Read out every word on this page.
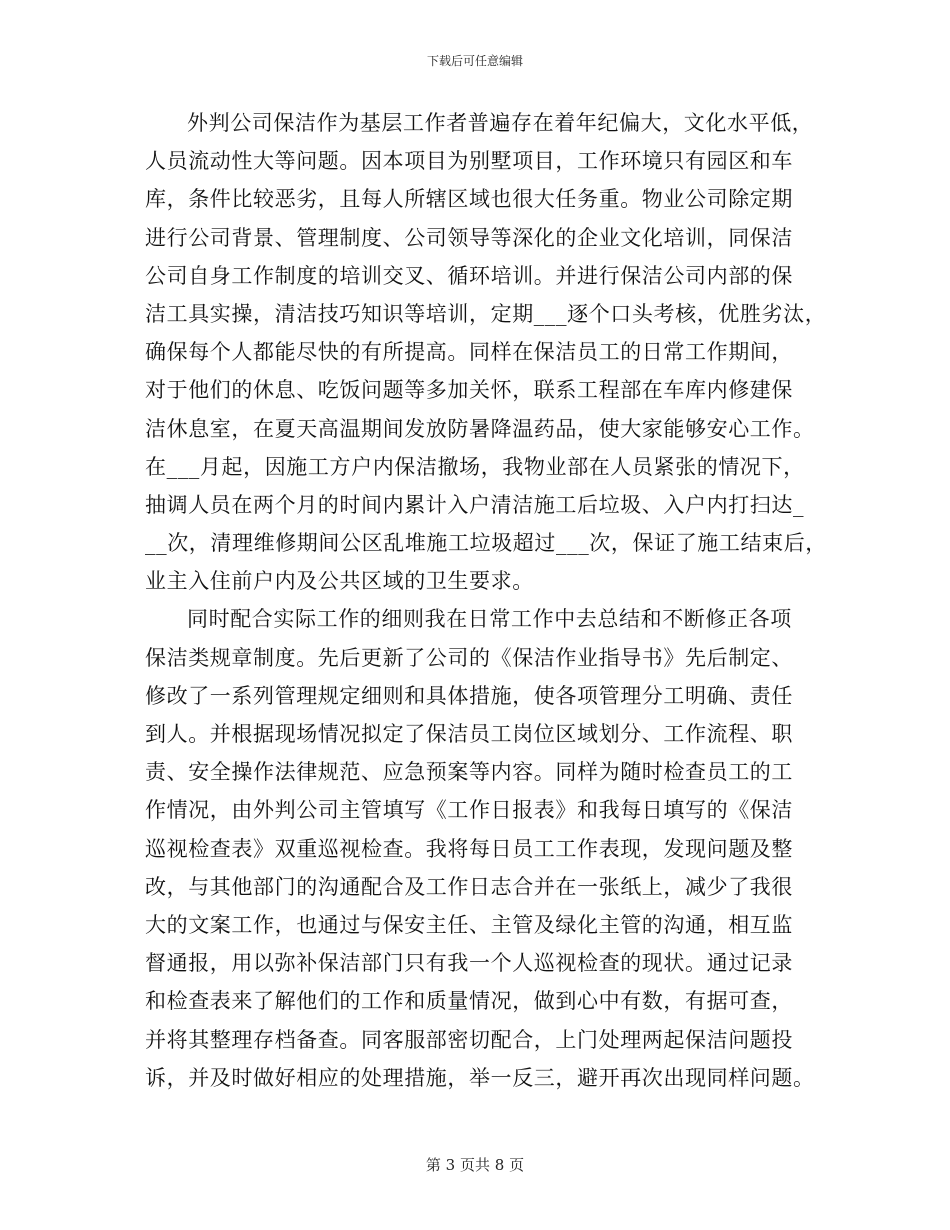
下载后可任意编辑
外判公司保洁作为基层工作者普遍存在着年纪偏大，文化水平低，
人员流动性大等问题。因本项目为别墅项目，工作环境只有园区和车
库，条件比较恶劣，且每人所辖区域也很大任务重。物业公司除定期
进行公司背景、管理制度、公司领导等深化的企业文化培训，同保洁
公司自身工作制度的培训交叉、循环培训。并进行保洁公司内部的保
洁工具实操，清洁技巧知识等培训，定期___逐个口头考核，优胜劣汰，
确保每个人都能尽快的有所提高。同样在保洁员工的日常工作期间，
对于他们的休息、吃饭问题等多加关怀，联系工程部在车库内修建保
洁休息室，在夏天高温期间发放防暑降温药品，使大家能够安心工作。
在___月起，因施工方户内保洁撤场，我物业部在人员紧张的情况下，
抽调人员在两个月的时间内累计入户清洁施工后垃圾、入户内打扫达_
__次，清理维修期间公区乱堆施工垃圾超过___次，保证了施工结束后，
业主入住前户内及公共区域的卫生要求。
同时配合实际工作的细则我在日常工作中去总结和不断修正各项
保洁类规章制度。先后更新了公司的《保洁作业指导书》先后制定、
修改了一系列管理规定细则和具体措施，使各项管理分工明确、责任
到人。并根据现场情况拟定了保洁员工岗位区域划分、工作流程、职
责、安全操作法律规范、应急预案等内容。同样为随时检查员工的工
作情况，由外判公司主管填写《工作日报表》和我每日填写的《保洁
巡视检查表》双重巡视检查。我将每日员工工作表现，发现问题及整
改，与其他部门的沟通配合及工作日志合并在一张纸上，减少了我很
大的文案工作，也通过与保安主任、主管及绿化主管的沟通，相互监
督通报，用以弥补保洁部门只有我一个人巡视检查的现状。通过记录
和检查表来了解他们的工作和质量情况，做到心中有数，有据可查，
并将其整理存档备查。同客服部密切配合，上门处理两起保洁问题投
诉，并及时做好相应的处理措施，举一反三，避开再次出现同样问题。
第 3 页共 8 页
